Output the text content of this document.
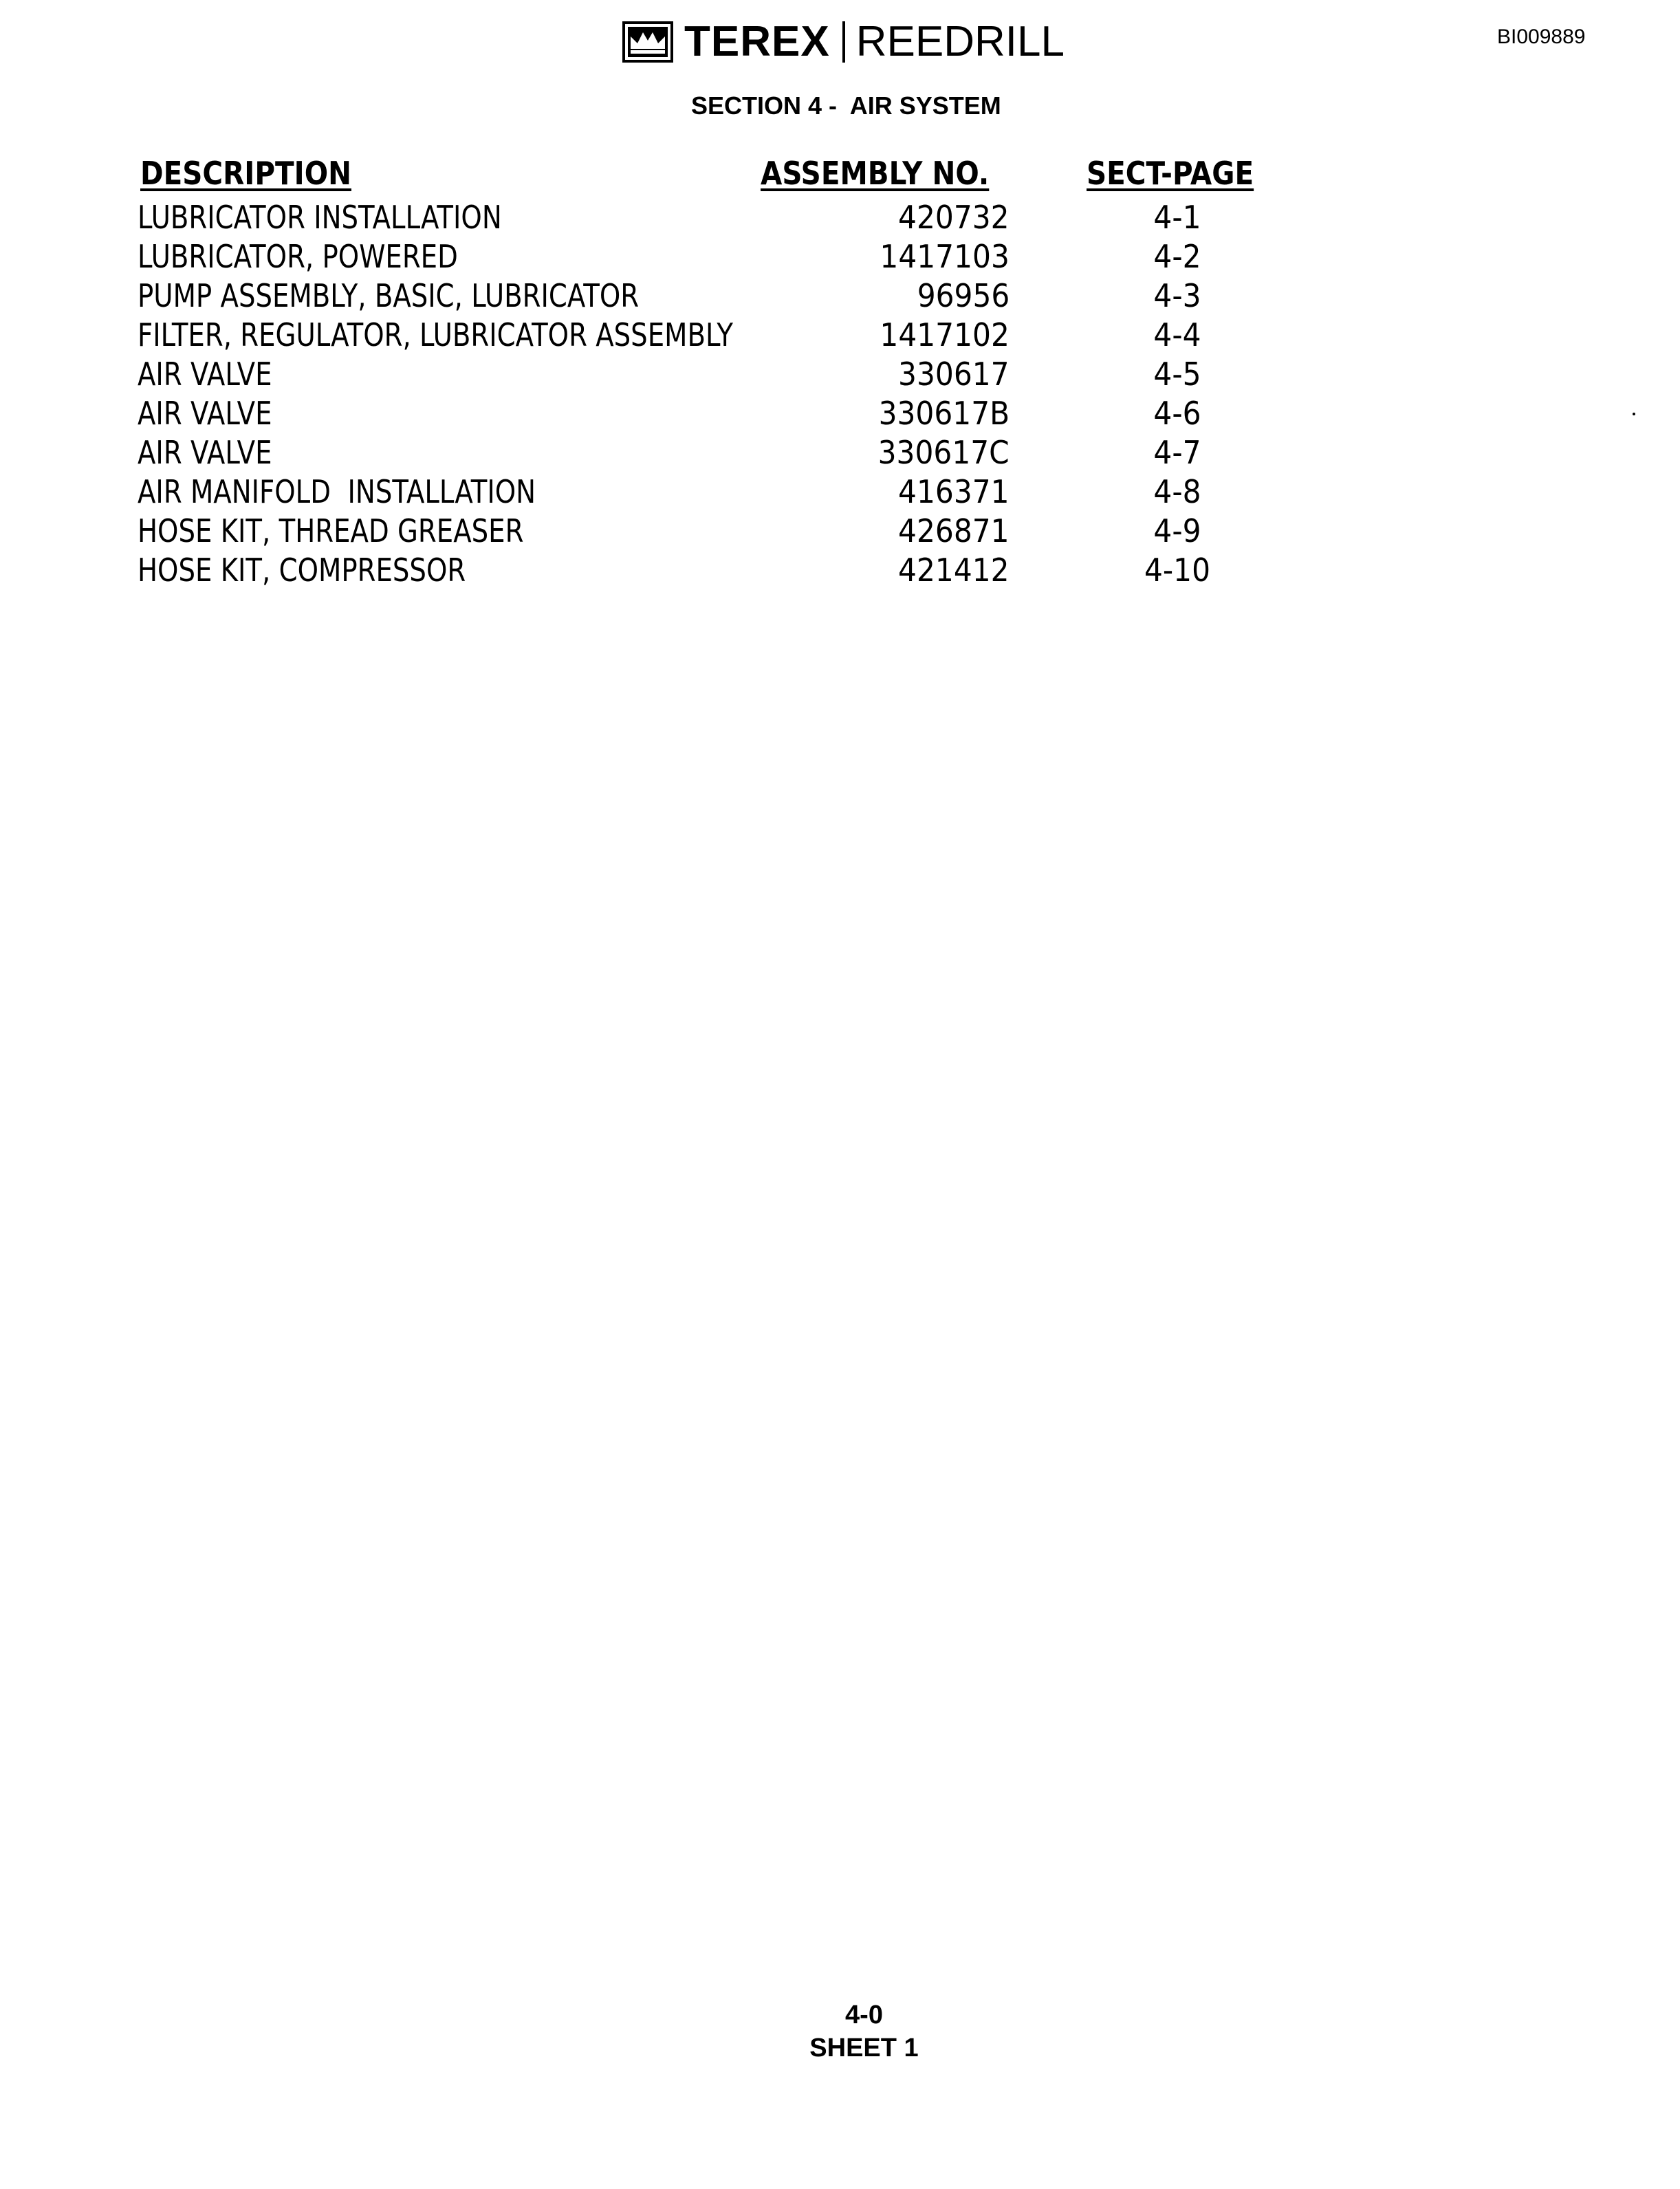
TEREX REEDRILL	BI009889
SECTION 4 -  AIR SYSTEM
DESCRIPTION	ASSEMBLY NO.	SECT-PAGE
LUBRICATOR INSTALLATION	420732	4-1
LUBRICATOR, POWERED	1417103	4-2
PUMP ASSEMBLY, BASIC, LUBRICATOR	96956	4-3
FILTER, REGULATOR, LUBRICATOR ASSEMBLY	1417102	4-4
AIR VALVE	330617	4-5
AIR VALVE	330617B	4-6
AIR VALVE	330617C	4-7
AIR MANIFOLD  INSTALLATION	416371	4-8
HOSE KIT, THREAD GREASER	426871	4-9
HOSE KIT, COMPRESSOR	421412	4-10
4-0
SHEET 1
